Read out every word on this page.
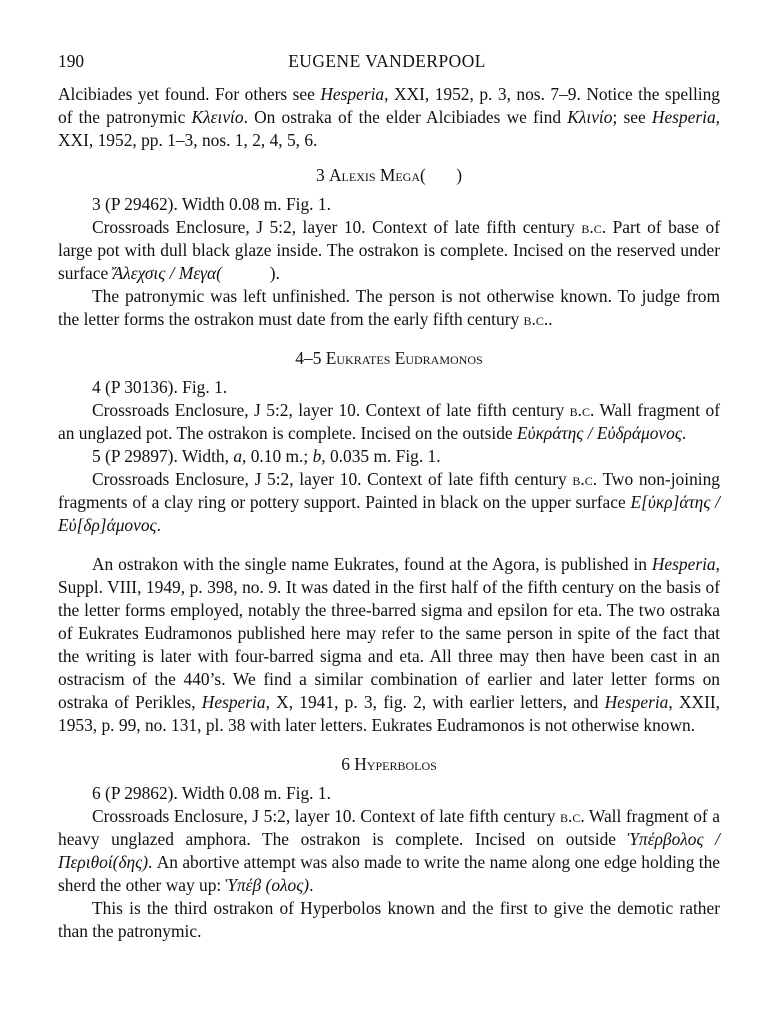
190	EUGENE VANDERPOOL

Alcibiades yet found. For others see Hesperia, XXI, 1952, p. 3, nos. 7–9. Notice the spelling of the patronymic Κλεινίο. On ostraka of the elder Alcibiades we find Κλινίο; see Hesperia, XXI, 1952, pp. 1–3, nos. 1, 2, 4, 5, 6.

3 Alexis Mega(       )

3 (P 29462). Width 0.08 m. Fig. 1.

Crossroads Enclosure, J 5:2, layer 10. Context of late fifth century b.c. Part of base of large pot with dull black glaze inside. The ostrakon is complete. Incised on the reserved under surface Ἄλεχσις / Μεγα(           ).

The patronymic was left unfinished. The person is not otherwise known. To judge from the letter forms the ostrakon must date from the early fifth century b.c..

4–5 Eukrates Eudramonos

4 (P 30136). Fig. 1.

Crossroads Enclosure, J 5:2, layer 10. Context of late fifth century b.c. Wall fragment of an unglazed pot. The ostrakon is complete. Incised on the outside Εὐκράτης / Εὐδράμονος.

5 (P 29897). Width, a, 0.10 m.; b, 0.035 m. Fig. 1.

Crossroads Enclosure, J 5:2, layer 10. Context of late fifth century b.c. Two non-joining fragments of a clay ring or pottery support. Painted in black on the upper surface Ε[ὐκρ]άτης / Εὐ[δρ]άμονος.

An ostrakon with the single name Eukrates, found at the Agora, is published in Hesperia, Suppl. VIII, 1949, p. 398, no. 9. It was dated in the first half of the fifth century on the basis of the letter forms employed, notably the three-barred sigma and epsilon for eta. The two ostraka of Eukrates Eudramonos published here may refer to the same person in spite of the fact that the writing is later with four-barred sigma and eta. All three may then have been cast in an ostracism of the 440’s. We find a similar combination of earlier and later letter forms on ostraka of Perikles, Hesperia, X, 1941, p. 3, fig. 2, with earlier letters, and Hesperia, XXII, 1953, p. 99, no. 131, pl. 38 with later letters. Eukrates Eudramonos is not otherwise known.

6 Hyperbolos

6 (P 29862). Width 0.08 m. Fig. 1.

Crossroads Enclosure, J 5:2, layer 10. Context of late fifth century b.c. Wall fragment of a heavy unglazed amphora. The ostrakon is complete. Incised on outside Ὑπέρβολος / Περιθοί(δης). An abortive attempt was also made to write the name along one edge holding the sherd the other way up: Ὑπέβ (ολος).

This is the third ostrakon of Hyperbolos known and the first to give the demotic rather than the patronymic.
